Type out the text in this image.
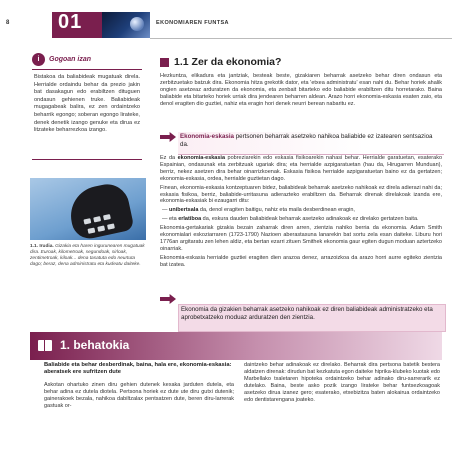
8 01	EKONOMIAREN FUNTSA
i	Gogoan izan
Bistakoa da baliabideak mugatuak direla. Herrialde ordaindu behar da prezio jakin bat dasakagun edo erabiltzen dituguen ondasun gehienen truke. Baliabideak mugagabeak balira, ez zen ordaintzeko beharrik egongo; soberan egongo lirateke, denek denetik izango genuke eta dirua ez litzateke beharrezkoa izango.
1.1. Irudia. Gizakia eta haren ingurunearen mugatuak dira. Euroak, kilometroak, segundoak, sirloak, zentimetroak, kiloak... dena tasatuta edo neurtuta dago; beraz, dena administratu eta kudeatu daiteke.
1.1 Zer da ekonomia?
Hezkuntza, elikadura eta jantziak, besteak beste, gizakiaren beharrak asetzeko behar diren ondasun eta zerbitzuetako batzuk dira. Ekonomia hitza grekotik dator, eta 'etxea administratu' esan nahi du. Behar horiek ahalik ongien asetzeaz arduratzen da ekonomia, eta zenbait bitarteko edo baliabide erabiltzen ditu horretarako. Baina baliabide eta bitarteko horiek urriak dira jendearen beharren aldean. Arazo horri ekonomia-eskasia esaten zaio, eta denol eragiten dio guztiei, nahiz eta eragin hori denek neurri berean nabaritu ez.
Ekonomia-eskasia pertsonen beharrak asetzeko nahikoa baliabide ez izatearen sentsazioa da.

Ez da ekonomia-eskasia pobreziarekin edo eskasia fisikoarekin nahasi behar. Herrialde garatuetan, esaterako Espainian, ondasunak eta zerbitzuak ugariak dira; eta herrialde azpigaratuetan (hau da, Hirugarren Munduan), berriz, nekez asetzen dira behar oinarrizkoenak. Eskasia fisikoa herrialde azpigaratuetan baino ez da gertatzen; ekonomia-eskasia, ordea, herrialde guztietan dago.

Finean, ekonomia-eskasia kontzeptuaren bidez, baliabideak beharrak asetzeko nahikoak ez direla adierazi nahi da; eskasia fisikoa, berriz, baliabide-urritasuna adierazteko erabiltzen da. Beharrak direnak direlakoak izanda ere, ekonomia-eskasiak bi ezaugarri ditu:

— unibertsala da, denol eragiten baitigu, nahiz eta maila desberdinean eragin,

— eta erlatiboa da, eskura dauden baliabideak beharrak asetzeko adinakoak ez direlako gertatzen baita.

Ekonomia-gertakariak gizakia bezain zaharrak diren arren, zientzia nahiko berria da ekonomia. Adam Smith ekonomialari eskoziarraren (1723-1790) Nazioen aberastasuna lanarekin bat sortu zela esan daiteke. Liburu hori 1776an argitaratu zen lehen aldiz, eta bertan ezarri zituen Smithek ekonomia gaur egiten dugun moduan aztertzeko oinarriak.

Ekonomia-eskasia herrialde guztiei eragiten dien arazoa denez, arrazoizkoa da arazo horri aurre egiteko zientzia bat izatea.

Ekonomia da gizakien beharrak asetzeko nahikoak ez diren baliabideak administratzeko eta aprobetxatzeko moduaz arduratzen den zientzia.
1. behatokia
Baliabide eta behar desberdinak, baina, hala ere, ekonomia-eskasia: aberatsek ere sufritzen dute
Askotan ohartuko zinen diru gehien dutenek kexaka jarduten dutela, eta behar adina ez dutela diotela. Pertsona horiek ez dute ute diru gutxi dutenik; gainerakoek bezala, nahikoa dabiltzalax pentsatzen dute, beren diru-larrerak gastuak or-
daintzeko behar adinakoak ez direlako. Beharrak dira pertsona batetik bestera aldatzen direnak: dirudun bat kezkatuta egon daiteke hiprika-klubeko kuotak edo Marbellako txaletaren hipoteka ordaintzeko behar adinako diru-sarrerarik ez dutelako. Baina, beste asko pozik izango lirateke behar funtsezkoagoak asetzeko dirua izanez gero; esaterako, etxebizitza baten alokairua ordaintzeko edo dentistarengana joateko.
